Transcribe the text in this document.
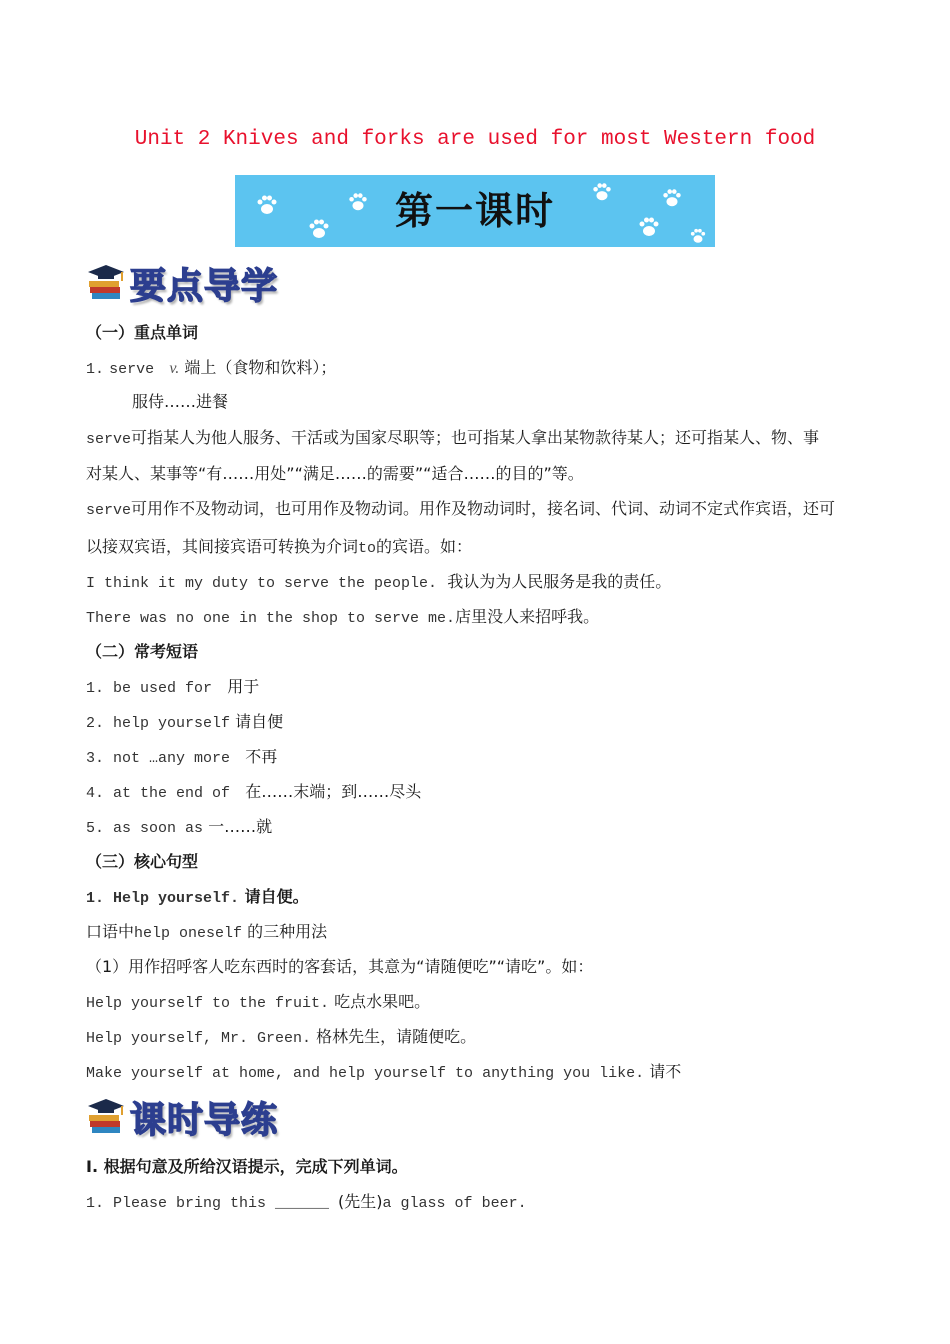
Unit 2 Knives and forks are used for most Western food
第一课时
要点导学
（一）重点单词
1. serve v. 端上（食物和饮料）；
服侍……进餐
serve可指某人为他人服务、干活或为国家尽职等；也可指某人拿出某物款待某人；还可指某人、物、事
对某人、某事等“有……用处”“满足……的需要”“适合……的目的”等。
serve可用作不及物动词，也可用作及物动词。用作及物动词时，接名词、代词、动词不定式作宾语，还可
以接双宾语，其间接宾语可转换为介词to的宾语。如：
I think it my duty to serve the people. 我认为为人民服务是我的责任。
There was no one in the shop to serve me.店里没人来招呼我。
（二）常考短语
1. be used for 用于
2. help yourself 请自便
3. not …any more 不再
4. at the end of 在……末端；到……尽头
5. as soon as 一……就
（三）核心句型
1. Help yourself. 请自便。
口语中help oneself 的三种用法
（1）用作招呼客人吃东西时的客套话，其意为“请随便吃”“请吃”。如：
Help yourself to the fruit. 吃点水果吧。
Help yourself, Mr. Green. 格林先生，请随便吃。
Make yourself at home, and help yourself to anything you like. 请不
课时导练
I. 根据句意及所给汉语提示，完成下列单词。
1. Please bring this ______ (先生)a glass of beer.
